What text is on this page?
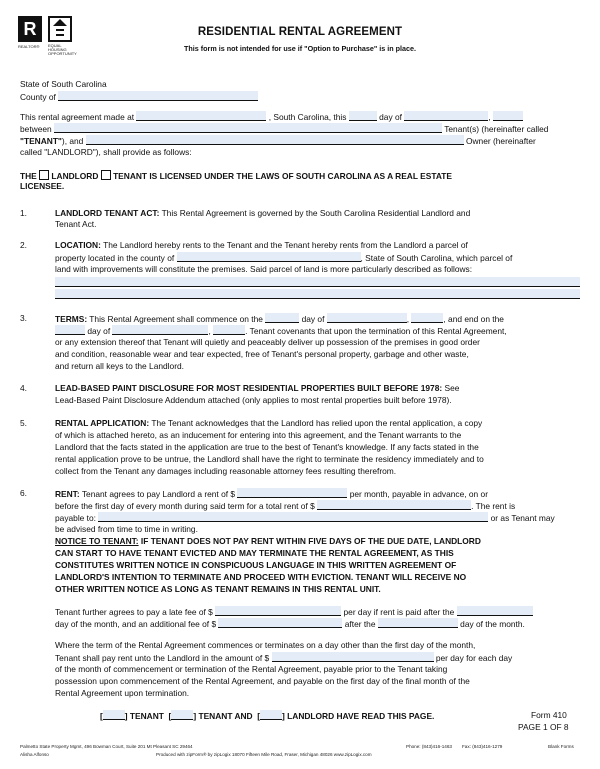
R
REALTOR® EQUAL HOUSING OPPORTUNITY
RESIDENTIAL RENTAL AGREEMENT
This form is not intended for use if "Option to Purchase" is in place.
State of South Carolina
County of
This rental agreement made at	, South Carolina, this	day of	,
between	Tenant(s) (hereinafter called
"TENANT"), and	Owner (hereinafter
called "LANDLORD"), shall provide as follows:
THE LANDLORD TENANT IS LICENSED UNDER THE LAWS OF SOUTH CAROLINA AS A REAL ESTATE
LICENSEE.
1.	LANDLORD TENANT ACT: This Rental Agreement is governed by the South Carolina Residential Landlord and
Tenant Act.
2.	LOCATION: The Landlord hereby rents to the Tenant and the Tenant hereby rents from the Landlord a parcel of
property located in the county of	, State of South Carolina, which parcel of
land with improvements will constitute the premises. Said parcel of land is more particularly described as follows:
3.	TERMS: This Rental Agreement shall commence on the	day of	,	, and end on the
day of	,	. Tenant covenants that upon the termination of this Rental Agreement,
or any extension thereof that Tenant will quietly and peaceably deliver up possession of the premises in good order
and condition, reasonable wear and tear expected, free of Tenant's personal property, garbage and other waste,
and return all keys to the Landlord.
4.	LEAD-BASED PAINT DISCLOSURE FOR MOST RESIDENTIAL PROPERTIES BUILT BEFORE 1978: See
Lead-Based Paint Disclosure Addendum attached (only applies to most rental properties built before 1978).
5.	RENTAL APPLICATION: The Tenant acknowledges that the Landlord has relied upon the rental application, a copy
of which is attached hereto, as an inducement for entering into this agreement, and the Tenant warrants to the
Landlord that the facts stated in the application are true to the best of Tenant's knowledge. If any facts stated in the
rental application prove to be untrue, the Landlord shall have the right to terminate the residency immediately and to
collect from the Tenant any damages including reasonable attorney fees resulting therefrom.
6.	RENT: Tenant agrees to pay Landlord a rent of $	per month, payable in advance, on or
before the first day of every month during said term for a total rent of $	. The rent is
payable to:	or as Tenant may
be advised from time to time in writing.
NOTICE TO TENANT: IF TENANT DOES NOT PAY RENT WITHIN FIVE DAYS OF THE DUE DATE, LANDLORD
CAN START TO HAVE TENANT EVICTED AND MAY TERMINATE THE RENTAL AGREEMENT, AS THIS
CONSTITUTES WRITTEN NOTICE IN CONSPICUOUS LANGUAGE IN THIS WRITTEN AGREEMENT OF
LANDLORD'S INTENTION TO TERMINATE AND PROCEED WITH EVICTION. TENANT WILL RECEIVE NO
OTHER WRITTEN NOTICE AS LONG AS TENANT REMAINS IN THIS RENTAL UNIT.
Tenant further agrees to pay a late fee of $	per day if rent is paid after the
day of the month, and an additional fee of $	after the	day of the month.
Where the term of the Rental Agreement commences or terminates on a day other than the first day of the month,
Tenant shall pay rent unto the Landlord in the amount of $	per day for each day
of the month of commencement or termination of the Rental Agreement, payable prior to the Tenant taking
possession upon commencement of the Rental Agreement, and payable on the first day of the final month of the
Rental Agreement upon termination.
[	] TENANT  [	] TENANT AND  [	] LANDLORD HAVE READ THIS PAGE.	Form 410
PAGE 1 OF 8
Palmetto State Property Mgmt, 496 Bowman Court, Suite 201 Mt Pleasant SC 29464	Phone: (843)416-1463 Fax: (843)416-1279	Blank Forms
Alisha Alfonso	Produced with zipForm® by zipLogix 18070 Fifteen Mile Road, Fraser, Michigan 48026 www.zipLogix.com
